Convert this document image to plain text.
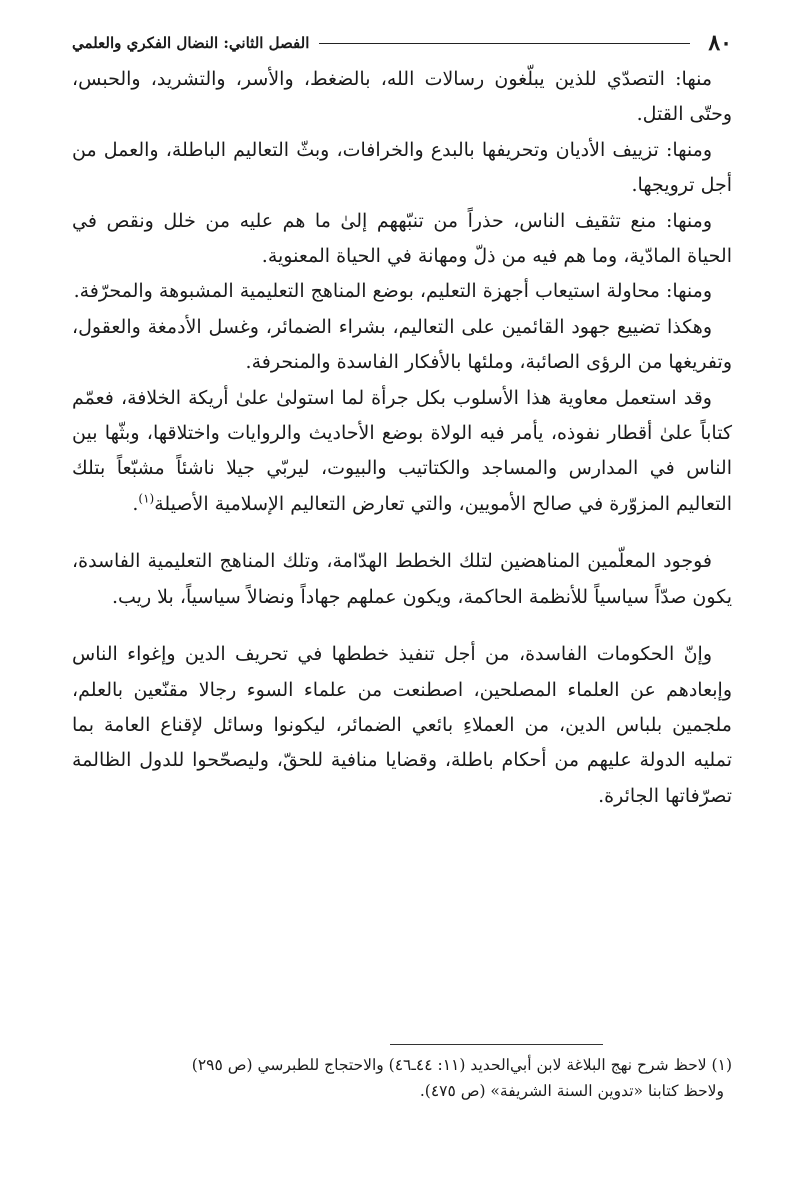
٨٠
الفصل الثاني: النضال الفكري والعلمي

منها: التصدّي للذين يبلّغون رسالات الله، بالضغط، والأسر، والتشريد، والحبس، وحتّى القتل.

ومنها: تزييف الأديان وتحريفها بالبدع والخرافات، وبثّ التعاليم الباطلة، والعمل من أجل ترويجها.

ومنها: منع تثقيف الناس، حذراً من تنبّههم إلىٰ ما هم عليه من خلل ونقص في الحياة المادّية، وما هم فيه من ذلّ ومهانة في الحياة المعنوية.

ومنها: محاولة استيعاب أجهزة التعليم، بوضع المناهج التعليمية المشبوهة والمحرّفة.

وهكذا تضييع جهود القائمين على التعاليم، بشراء الضمائر، وغسل الأدمغة والعقول، وتفريغها من الرؤى الصائبة، وملئها بالأفكار الفاسدة والمنحرفة.

وقد استعمل معاوية هذا الأسلوب بكل جرأة لما استولىٰ علىٰ أريكة الخلافة، فعمّم كتاباً علىٰ أقطار نفوذه، يأمر فيه الولاة بوضع الأحاديث والروايات واختلاقها، وبثّها بين الناس في المدارس والمساجد والكتاتيب والبيوت، ليربّي جيلا ناشئاً مشبّعاً بتلك التعاليم المزوّرة في صالح الأمويين، والتي تعارض التعاليم الإسلامية الأصيلة$^{(١)}$.

فوجود المعلّمين المناهضين لتلك الخطط الهدّامة، وتلك المناهج التعليمية الفاسدة، يكون صدّاً سياسياً للأنظمة الحاكمة، ويكون عملهم جهاداً ونضالاً سياسياً، بلا ريب.

وإنّ الحكومات الفاسدة، من أجل تنفيذ خططها في تحريف الدين وإغواء الناس وإبعادهم عن العلماء المصلحين، اصطنعت من علماء السوء رجالا مقنّعين بالعلم، ملجمين بلباس الدين، من العملاءِ بائعي الضمائر، ليكونوا وسائل لإقناع العامة بما تمليه الدولة عليهم من أحكام باطلة، وقضايا منافية للحقّ، وليصحّحوا للدول الظالمة تصرّفاتها الجائرة.

(١) لاحظ شرح نهج البلاغة لابن أبي‌الحديد (١١: ٤٤ـ٤٦) والاحتجاج للطبرسي (ص ٢٩٥)

ولاحظ كتابنا «تدوين السنة الشريفة» (ص ٤٧٥).
